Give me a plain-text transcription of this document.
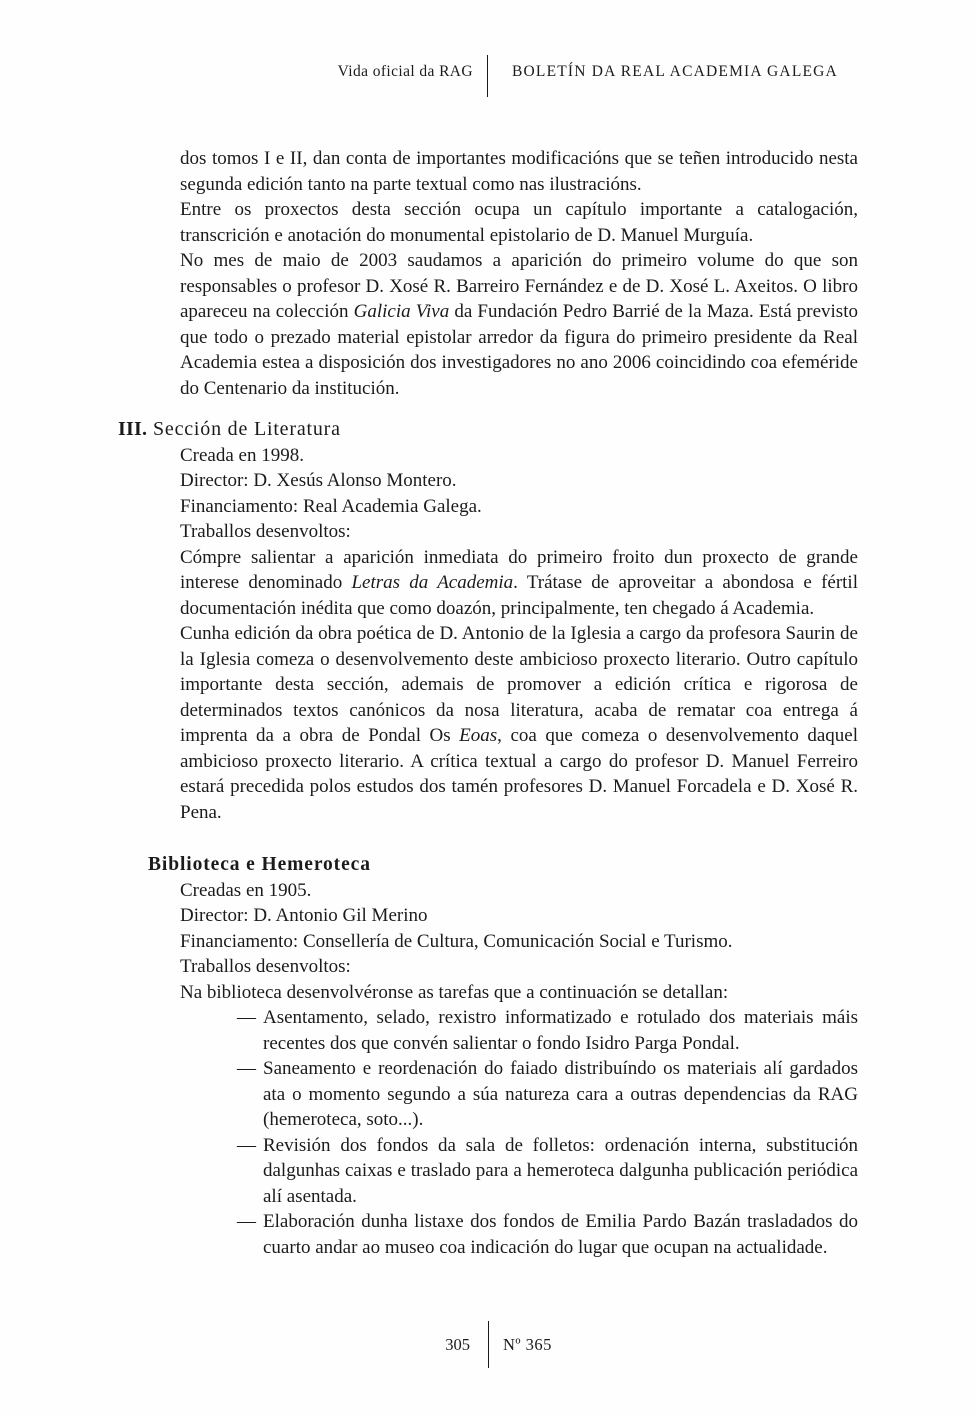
Vida oficial da RAG	BOLETÍN DA REAL ACADEMIA GALEGA

dos tomos I e II, dan conta de importantes modificacións que se teñen introducido nesta segunda edición tanto na parte textual como nas ilustracións.

Entre os proxectos desta sección ocupa un capítulo importante a catalogación, transcrición e anotación do monumental epistolario de D. Manuel Murguía.

No mes de maio de 2003 saudamos a aparición do primeiro volume do que son responsables o profesor D. Xosé R. Barreiro Fernández e de D. Xosé L. Axeitos. O libro apareceu na colección Galicia Viva da Fundación Pedro Barrié de la Maza. Está previsto que todo o prezado material epistolar arredor da figura do primeiro presidente da Real Academia estea a disposición dos investigadores no ano 2006 coincidindo coa efeméride do Centenario da institución.

III. Sección de Literatura

Creada en 1998.

Director: D. Xesús Alonso Montero.

Financiamento: Real Academia Galega.

Traballos desenvoltos:

Cómpre salientar a aparición inmediata do primeiro froito dun proxecto de grande interese denominado Letras da Academia. Trátase de aproveitar a abondosa e fértil documentación inédita que como doazón, principalmente, ten chegado á Academia.

Cunha edición da obra poética de D. Antonio de la Iglesia a cargo da profesora Saurin de la Iglesia comeza o desenvolvemento deste ambicioso proxecto literario. Outro capítulo importante desta sección, ademais de promover a edición crítica e rigorosa de determinados textos canónicos da nosa literatura, acaba de rematar coa entrega á imprenta da a obra de Pondal Os Eoas, coa que comeza o desenvolvemento daquel ambicioso proxecto literario. A crítica textual a cargo do profesor D. Manuel Ferreiro estará precedida polos estudos dos tamén profesores D. Manuel Forcadela e D. Xosé R. Pena.

Biblioteca e Hemeroteca

Creadas en 1905.

Director: D. Antonio Gil Merino

Financiamento: Consellería de Cultura, Comunicación Social e Turismo.

Traballos desenvoltos:

Na biblioteca desenvolvéronse as tarefas que a continuación se detallan:

— Asentamento, selado, rexistro informatizado e rotulado dos materiais máis recentes dos que convén salientar o fondo Isidro Parga Pondal.
— Saneamento e reordenación do faiado distribuíndo os materiais alí gardados ata o momento segundo a súa natureza cara a outras dependencias da RAG (hemeroteca, soto...).
— Revisión dos fondos da sala de folletos: ordenación interna, substitución dalgunhas caixas e traslado para a hemeroteca dalgunha publicación periódica alí asentada.
— Elaboración dunha listaxe dos fondos de Emilia Pardo Bazán trasladados do cuarto andar ao museo coa indicación do lugar que ocupan na actualidade.
305 Nº 365
